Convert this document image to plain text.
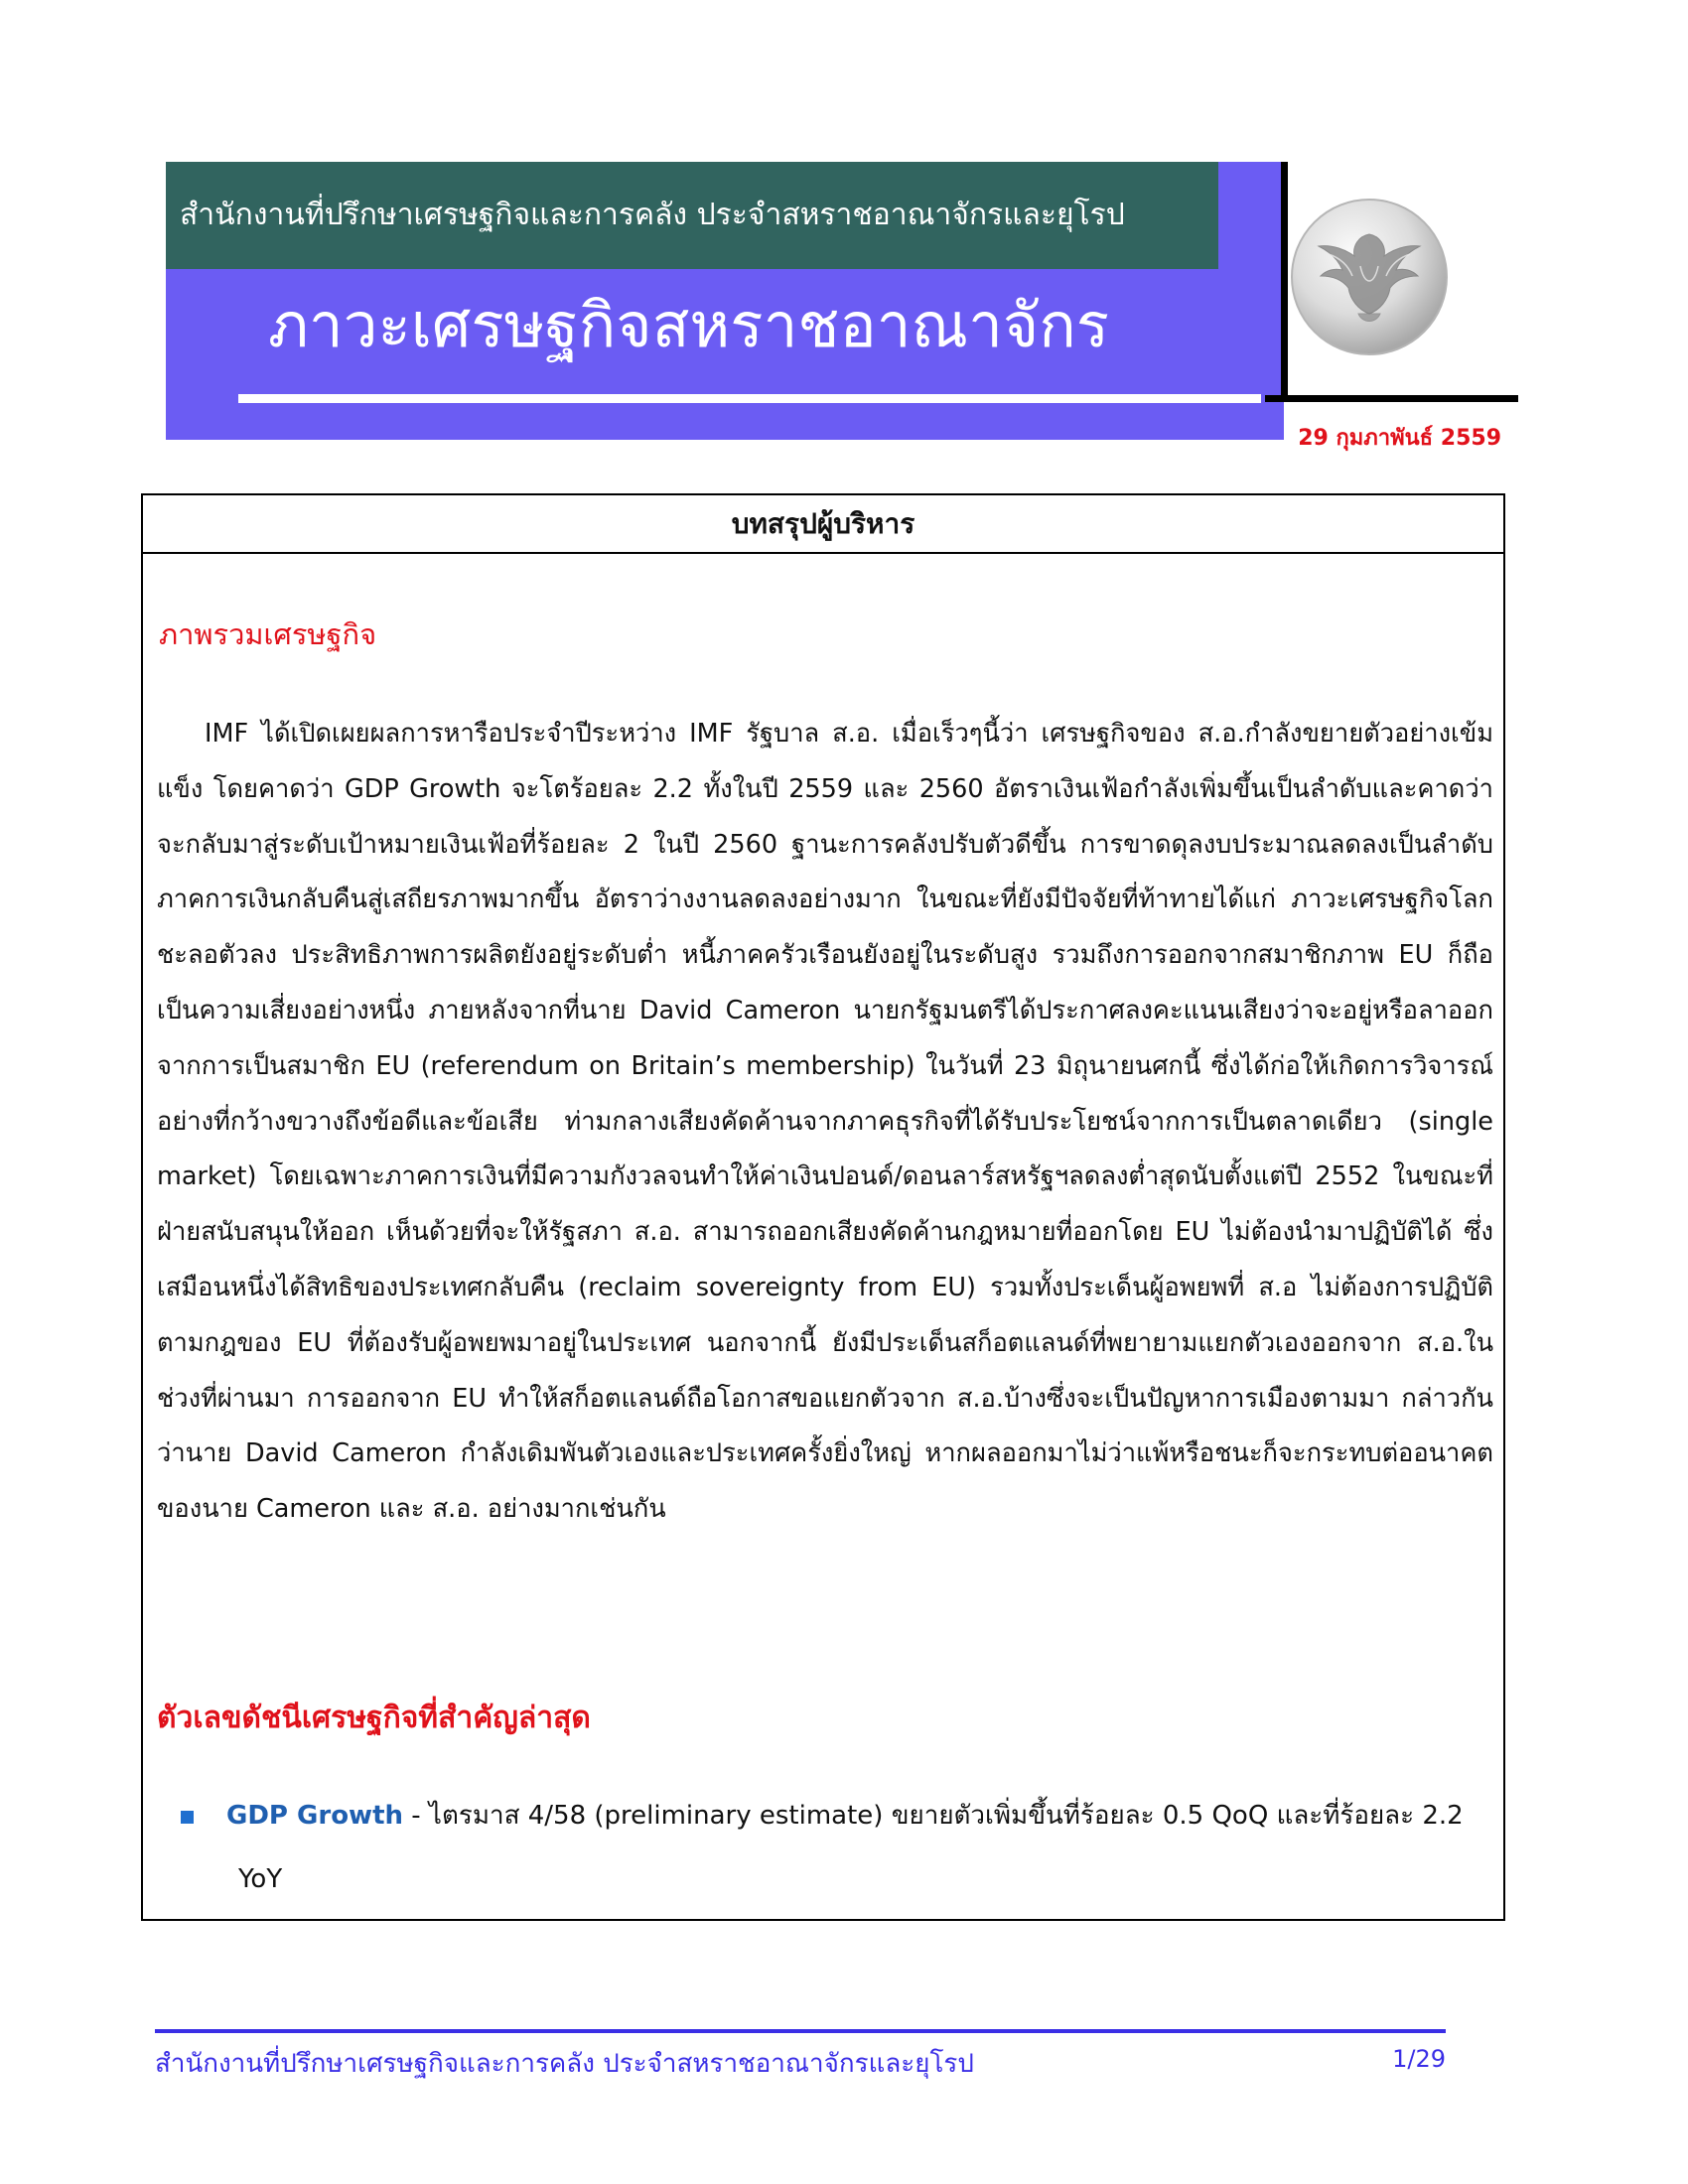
สำนักงานที่ปรึกษาเศรษฐกิจและการคลัง ประจำสหราชอาณาจักรและยุโรป
ภาวะเศรษฐกิจสหราชอาณาจักร
29 กุมภาพันธ์ 2559
บทสรุปผู้บริหาร
ภาพรวมเศรษฐกิจ

IMF ได้เปิดเผยผลการหารือประจำปีระหว่าง IMF รัฐบาล ส.อ. เมื่อเร็วๆนี้ว่า เศรษฐกิจของ ส.อ.กำลังขยายตัวอย่างเข้มแข็ง โดยคาดว่า GDP Growth จะโตร้อยละ 2.2 ทั้งในปี 2559 และ 2560 อัตราเงินเฟ้อกำลังเพิ่มขึ้นเป็นลำดับและคาดว่าจะกลับมาสู่ระดับเป้าหมายเงินเฟ้อที่ร้อยละ 2 ในปี 2560 ฐานะการคลังปรับตัวดีขึ้น การขาดดุลงบประมาณลดลงเป็นลำดับ ภาคการเงินกลับคืนสู่เสถียรภาพมากขึ้น อัตราว่างงานลดลงอย่างมาก ในขณะที่ยังมีปัจจัยที่ท้าทายได้แก่ ภาวะเศรษฐกิจโลกชะลอตัวลง ประสิทธิภาพการผลิตยังอยู่ระดับต่ำ หนี้ภาคครัวเรือนยังอยู่ในระดับสูง รวมถึงการออกจากสมาชิกภาพ EU ก็ถือเป็นความเสี่ยงอย่างหนึ่ง ภายหลังจากที่นาย David Cameron นายกรัฐมนตรีได้ประกาศลงคะแนนเสียงว่าจะอยู่หรือลาออกจากการเป็นสมาชิก EU (referendum on Britain’s membership) ในวันที่ 23 มิถุนายนศกนี้ ซึ่งได้ก่อให้เกิดการวิจารณ์อย่างที่กว้างขวางถึงข้อดีและข้อเสีย ท่ามกลางเสียงคัดค้านจากภาคธุรกิจที่ได้รับประโยชน์จากการเป็นตลาดเดียว (single market) โดยเฉพาะภาคการเงินที่มีความกังวลจนทำให้ค่าเงินปอนด์/ดอนลาร์สหรัฐฯลดลงต่ำสุดนับตั้งแต่ปี 2552 ในขณะที่ฝ่ายสนับสนุนให้ออก เห็นด้วยที่จะให้รัฐสภา ส.อ. สามารถออกเสียงคัดค้านกฎหมายที่ออกโดย EU ไม่ต้องนำมาปฏิบัติได้ ซึ่งเสมือนหนึ่งได้สิทธิของประเทศกลับคืน (reclaim sovereignty from EU) รวมทั้งประเด็นผู้อพยพที่ ส.อ ไม่ต้องการปฏิบัติตามกฎของ EU ที่ต้องรับผู้อพยพมาอยู่ในประเทศ นอกจากนี้ ยังมีประเด็นสก็อตแลนด์ที่พยายามแยกตัวเองออกจาก ส.อ.ในช่วงที่ผ่านมา การออกจาก EU ทำให้สก็อตแลนด์ถือโอกาสขอแยกตัวจาก ส.อ.บ้างซึ่งจะเป็นปัญหาการเมืองตามมา กล่าวกันว่านาย David Cameron กำลังเดิมพันตัวเองและประเทศครั้งยิ่งใหญ่ หากผลออกมาไม่ว่าแพ้หรือชนะก็จะกระทบต่ออนาคตของนาย Cameron และ ส.อ. อย่างมากเช่นกัน

ตัวเลขดัชนีเศรษฐกิจที่สำคัญล่าสุด

GDP Growth - ไตรมาส 4/58 (preliminary estimate) ขยายตัวเพิ่มขึ้นที่ร้อยละ 0.5 QoQ และที่ร้อยละ 2.2 YoY

สำนักงานที่ปรึกษาเศรษฐกิจและการคลัง ประจำสหราชอาณาจักรและยุโรป	1/29
